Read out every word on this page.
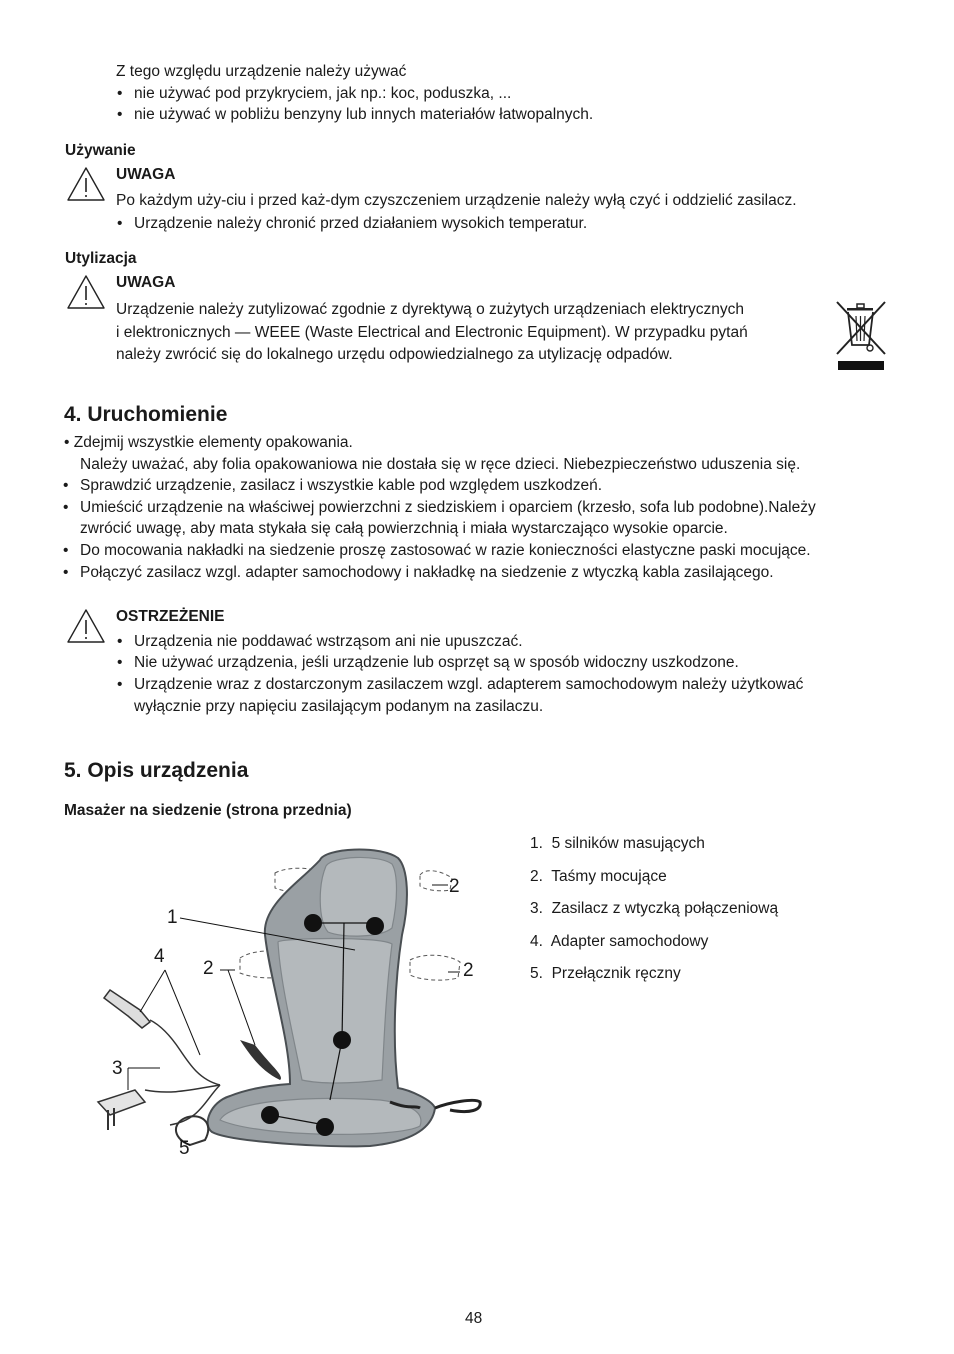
Z tego względu urządzenie należy używać
• nie używać pod przykryciem, jak np.: koc, poduszka, ...
• nie używać w pobliżu benzyny lub innych materiałów łatwopalnych.
Używanie
UWAGA
Po każdym uży-ciu i przed każ-dym czyszczeniem urządzenie należy wyłą czyć i oddzielić zasilacz.
• Urządzenie należy chronić przed działaniem wysokich temperatur.
Utylizacja
UWAGA
Urządzenie należy zutylizować zgodnie z dyrektywą o zużytych urządzeniach elektrycznych
i elektronicznych — WEEE (Waste Electrical and Electronic Equipment). W przypadku pytań
należy zwrócić się do lokalnego urzędu odpowiedzialnego za utylizację odpadów.
4. Uruchomienie
• Zdejmij wszystkie elementy opakowania.
Należy uważać, aby folia opakowaniowa nie dostała się w ręce dzieci. Niebezpieczeństwo uduszenia się.
• Sprawdzić urządzenie, zasilacz i wszystkie kable pod względem uszkodzeń.
• Umieścić urządzenie na właściwej powierzchni z siedziskiem i oparciem (krzesło, sofa lub podobne).Należy
zwrócić uwagę, aby mata stykała się całą powierzchnią i miała wystarczająco wysokie oparcie.
• Do mocowania nakładki na siedzenie proszę zastosować w razie konieczności elastyczne paski mocujące.
• Połączyć zasilacz wzgl. adapter samochodowy i nakładkę na siedzenie z wtyczką kabla zasilającego.
OSTRZEŻENIE
• Urządzenia nie poddawać wstrząsom ani nie upuszczać.
• Nie używać urządzenia, jeśli urządzenie lub osprzęt są w sposób widoczny uszkodzone.
• Urządzenie wraz z dostarczonym zasilaczem wzgl. adapterem samochodowym należy użytkować
wyłącznie przy napięciu zasilającym podanym na zasilaczu.
5. Opis urządzenia
Masażer na siedzenie (strona przednia)
1. 5 silników masujących
2. Taśmy mocujące
3. Zasilacz z wtyczką połączeniową
4. Adapter samochodowy
5. Przełącznik ręczny
1
2
2	2
3
4
5
48
